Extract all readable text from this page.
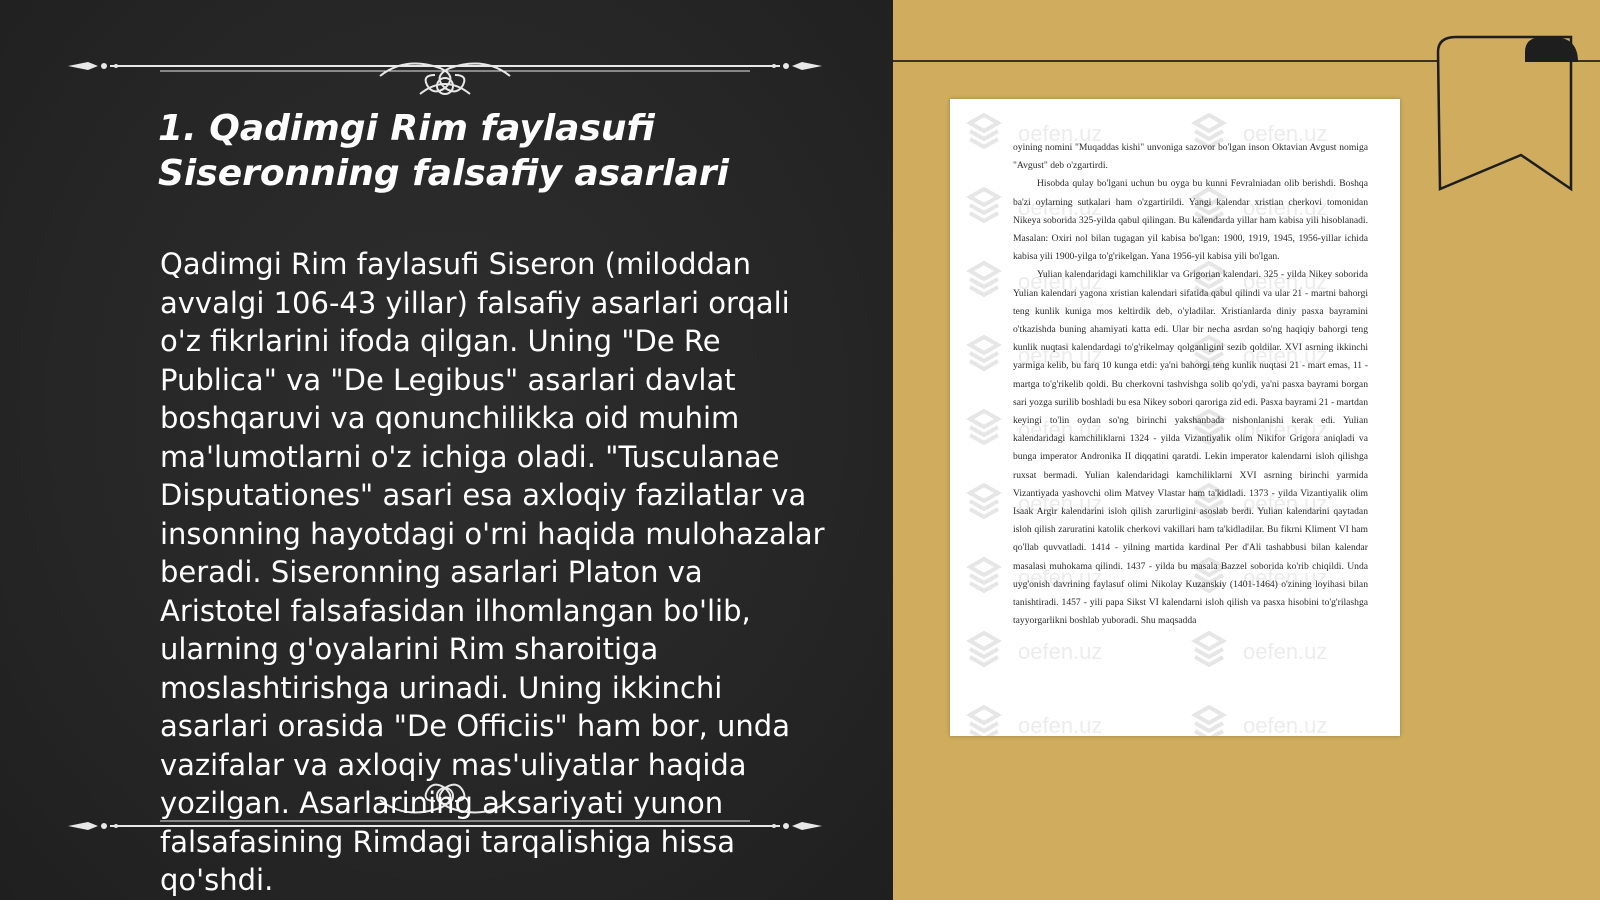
1. Qadimgi Rim faylasufi Siseronning falsafiy asarlari

Qadimgi Rim faylasufi Siseron (miloddan avvalgi 106-43 yillar) falsafiy asarlari orqali o'z fikrlarini ifoda qilgan. Uning "De Re Publica" va "De Legibus" asarlari davlat boshqaruvi va qonunchilikka oid muhim ma'lumotlarni o'z ichiga oladi. "Tusculanae Disputationes" asari esa axloqiy fazilatlar va insonning hayotdagi o'rni haqida mulohazalar beradi. Siseronning asarlari Platon va Aristotel falsafasidan ilhomlangan bo'lib, ularning g'oyalarini Rim sharoitiga moslashtirishga urinadi. Uning ikkinchi asarlari orasida "De Officiis" ham bor, unda vazifalar va axloqiy mas'uliyatlar haqida yozilgan. Asarlarining aksariyati yunon falsafasining Rimdagi tarqalishiga hissa qo'shdi.

oyining nomini "Muqaddas kishi" unvoniga sazovor bo'lgan inson Oktavian Avgust nomiga "Avgust" deb o'zgartirdi.

Hisobda qulay bo'lgani uchun bu oyga bu kunni Fevralniadan olib berishdi. Boshqa ba'zi oylarning sutkalari ham o'zgartirildi. Yangi kalendar xristian cherkovi tomonidan Nikeya soborida 325-yilda qabul qilingan. Bu kalendarda yillar ham kabisa yili hisoblanadi. Masalan: Oxiri nol bilan tugagan yil kabisa bo'lgan: 1900, 1919, 1945, 1956-yillar ichida kabisa yili 1900-yilga to'g'rikelgan. Yana 1956-yil kabisa yili bo'lgan.

Yulian kalendaridagi kamchiliklar va Grigorian kalendari. 325 - yilda Nikey soborida Yulian kalendari yagona xristian kalendari sifatida qabul qilindi va ular 21 - martni bahorgi teng kunlik kuniga mos keltirdik deb, o'yladilar. Xristianlarda diniy pasxa bayramini o'tkazishda buning ahamiyati katta edi. Ular bir necha asrdan so'ng haqiqiy bahorgi teng kunlik nuqtasi kalendardagi to'g'rikelmay qolganligini sezib qoldilar. XVI asrning ikkinchi yarmiga kelib, bu farq 10 kunga etdi: ya'ni bahorgi teng kunlik nuqtasi 21 - mart emas, 11 - martga to'g'rikelib qoldi. Bu cherkovni tashvishga solib qo'ydi, ya'ni pasxa bayrami borgan sari yozga surilib boshladi bu esa Nikey sobori qaroriga zid edi. Pasxa bayrami 21 - martdan keyingi to'lin oydan so'ng birinchi yakshanbada nishonlanishi kerak edi. Yulian kalendaridagi kamchiliklarni 1324 - yilda Vizantiyalik olim Nikifor Grigora aniqladi va bunga imperator Andronika II diqqatini qaratdi. Lekin imperator kalendarni isloh qilishga ruxsat bermadi. Yulian kalendaridagi kamchiliklarni XVI asrning birinchi yarmida Vizantiyada yashovchi olim Matvey Vlastar ham ta'kidladi. 1373 - yilda Vizantiyalik olim Isaak Argir kalendarini isloh qilish zarurligini asoslab berdi. Yulian kalendarini qaytadan isloh qilish zaruratini katolik cherkovi vakillari ham ta'kidladilar. Bu fikrni Kliment VI ham qo'llab quvvatladi. 1414 - yilning martida kardinal Per d'Ali tashabbusi bilan kalendar masalasi muhokama qilindi. 1437 - yilda bu masala Bazzel soborida ko'rib chiqildi. Unda uyg'onish davrining faylasuf olimi Nikolay Kuzanskiy (1401-1464) o'zining loyihasi bilan tanishtiradi. 1457 - yili papa Sikst VI kalendarni isloh qilish va pasxa hisobini to'g'rilashga tayyorgarlikni boshlab yuboradi. Shu maqsadda
